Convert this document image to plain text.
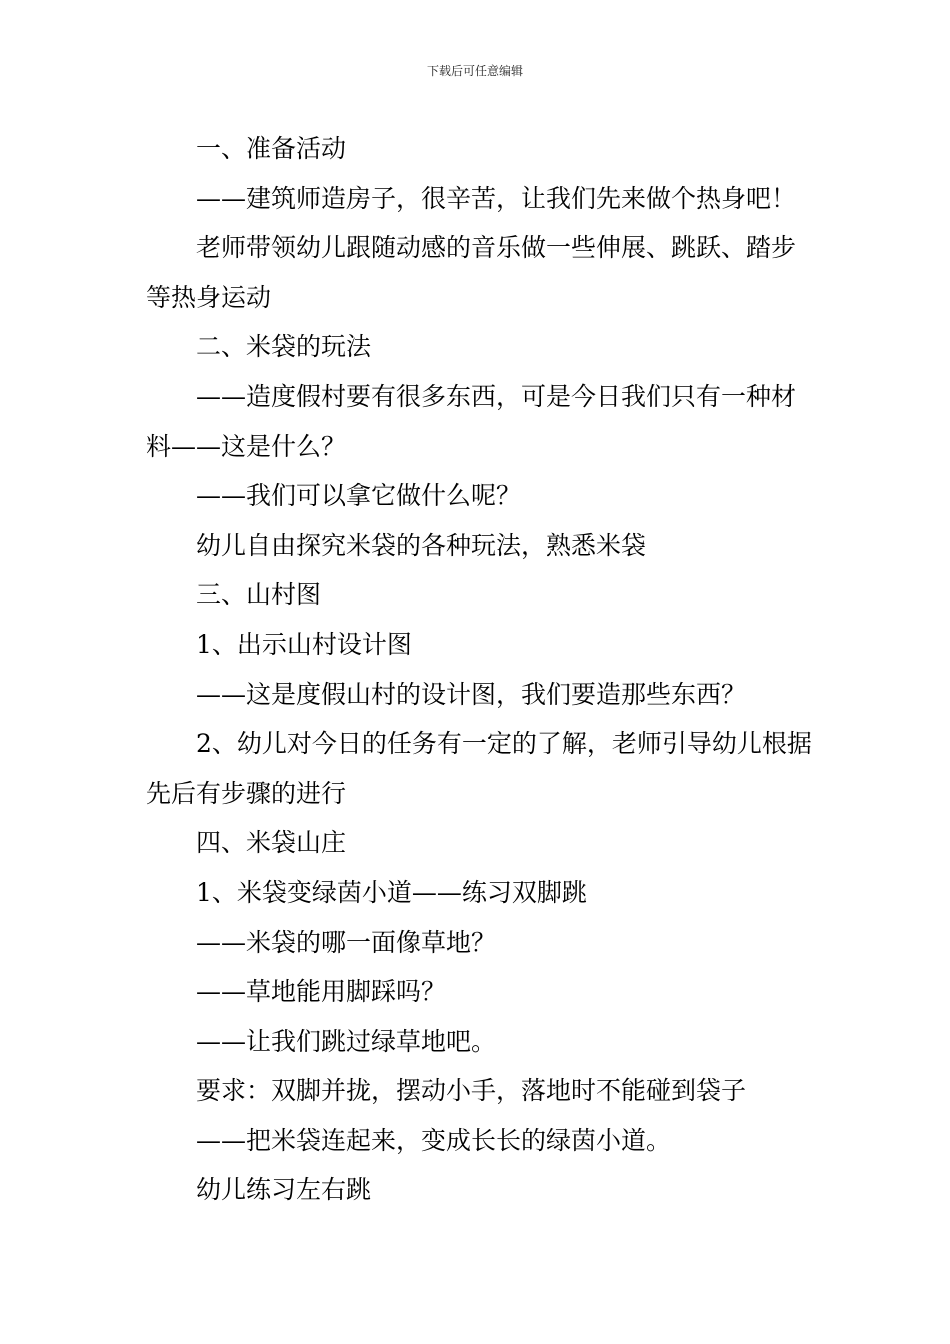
下载后可任意编辑

一、准备活动

——建筑师造房子，很辛苦，让我们先来做个热身吧！

老师带领幼儿跟随动感的音乐做一些伸展、跳跃、踏步等热身运动

二、米袋的玩法

——造度假村要有很多东西，可是今日我们只有一种材料——这是什么？

——我们可以拿它做什么呢？

幼儿自由探究米袋的各种玩法，熟悉米袋

三、山村图

1、出示山村设计图

——这是度假山村的设计图，我们要造那些东西？

2、幼儿对今日的任务有一定的了解，老师引导幼儿根据先后有步骤的进行

四、米袋山庄

1、米袋变绿茵小道——练习双脚跳

——米袋的哪一面像草地？

——草地能用脚踩吗？

——让我们跳过绿草地吧。

要求：双脚并拢，摆动小手，落地时不能碰到袋子

——把米袋连起来，变成长长的绿茵小道。

幼儿练习左右跳
